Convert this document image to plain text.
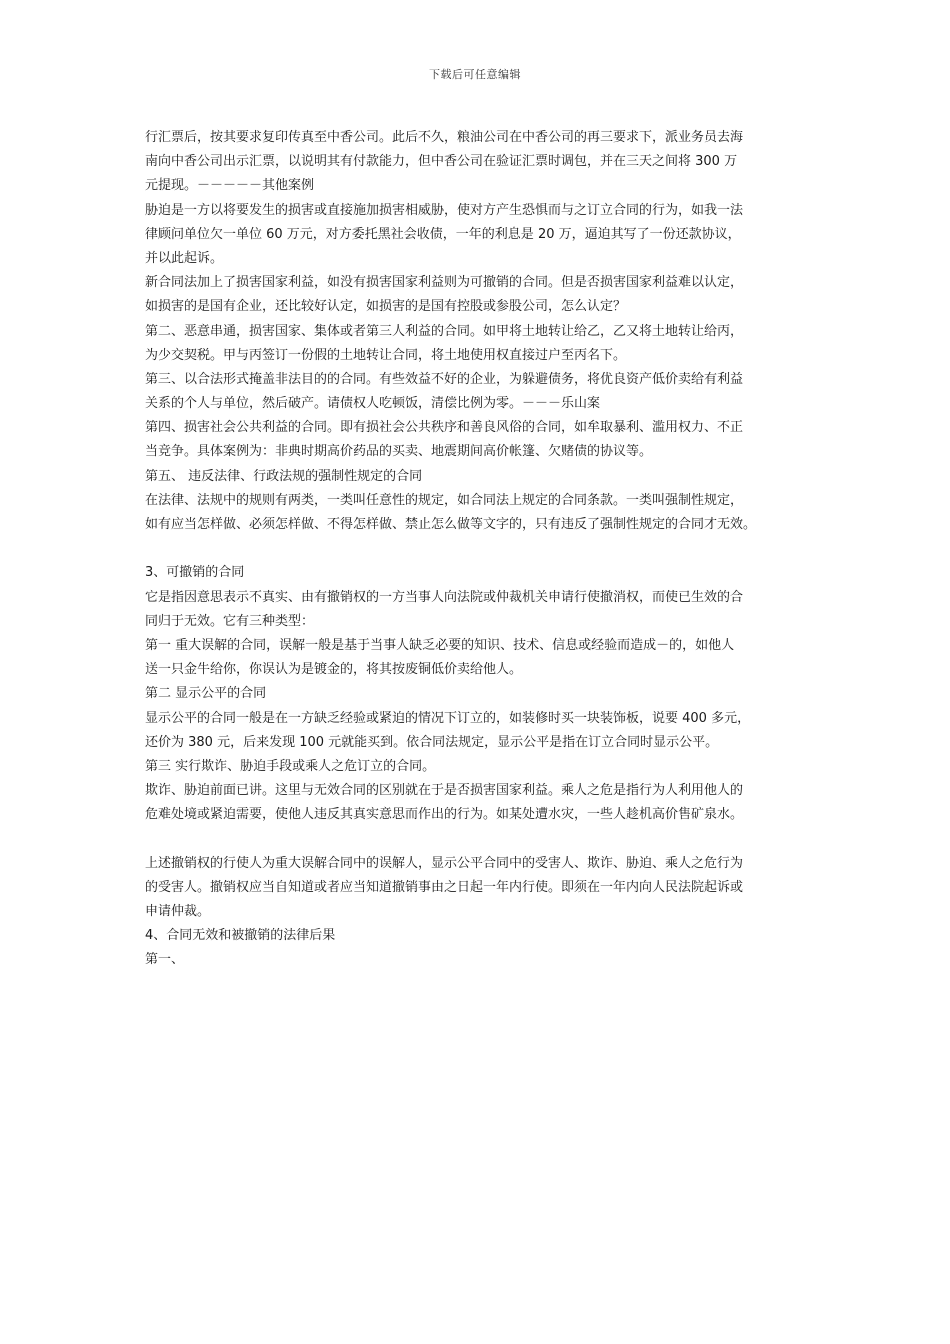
下载后可任意编辑
行汇票后，按其要求复印传真至中香公司。此后不久，粮油公司在中香公司的再三要求下，派业务员去海
南向中香公司出示汇票，以说明其有付款能力，但中香公司在验证汇票时调包，并在三天之间将 300 万
元提现。－－－－－其他案例
胁迫是一方以将要发生的损害或直接施加损害相威胁，使对方产生恐惧而与之订立合同的行为，如我一法
律顾问单位欠一单位 60 万元，对方委托黑社会收债，一年的利息是 20 万，逼迫其写了一份还款协议，
并以此起诉。
新合同法加上了损害国家利益，如没有损害国家利益则为可撤销的合同。但是否损害国家利益难以认定，
如损害的是国有企业，还比较好认定，如损害的是国有控股或参股公司，怎么认定？
第二、恶意串通，损害国家、集体或者第三人利益的合同。如甲将土地转让给乙，乙又将土地转让给丙，
为少交契税。甲与丙签订一份假的土地转让合同，将土地使用权直接过户至丙名下。
第三、以合法形式掩盖非法目的的合同。有些效益不好的企业，为躲避债务，将优良资产低价卖给有利益
关系的个人与单位，然后破产。请债权人吃顿饭，清偿比例为零。－－－乐山案
第四、损害社会公共利益的合同。即有损社会公共秩序和善良风俗的合同，如牟取暴利、滥用权力、不正
当竞争。具体案例为：非典时期高价药品的买卖、地震期间高价帐篷、欠赌债的协议等。
第五、 违反法律、行政法规的强制性规定的合同
在法律、法规中的规则有两类，一类叫任意性的规定，如合同法上规定的合同条款。一类叫强制性规定，
如有应当怎样做、必须怎样做、不得怎样做、禁止怎么做等文字的，只有违反了强制性规定的合同才无效。
3、可撤销的合同
它是指因意思表示不真实、由有撤销权的一方当事人向法院或仲裁机关申请行使撤消权，而使已生效的合
同归于无效。它有三种类型：
第一 重大误解的合同，误解一般是基于当事人缺乏必要的知识、技术、信息或经验而造成－的，如他人
送一只金牛给你，你误认为是镀金的，将其按废铜低价卖给他人。
第二 显示公平的合同
显示公平的合同一般是在一方缺乏经验或紧迫的情况下订立的，如装修时买一块装饰板，说要 400 多元，
还价为 380 元，后来发现 100 元就能买到。依合同法规定，显示公平是指在订立合同时显示公平。
第三 实行欺诈、胁迫手段或乘人之危订立的合同。
欺诈、胁迫前面已讲。这里与无效合同的区别就在于是否损害国家利益。乘人之危是指行为人利用他人的
危难处境或紧迫需要，使他人违反其真实意思而作出的行为。如某处遭水灾，一些人趁机高价售矿泉水。
上述撤销权的行使人为重大误解合同中的误解人，显示公平合同中的受害人、欺诈、胁迫、乘人之危行为
的受害人。撤销权应当自知道或者应当知道撤销事由之日起一年内行使。即须在一年内向人民法院起诉或
申请仲裁。
4、合同无效和被撤销的法律后果
第一、
